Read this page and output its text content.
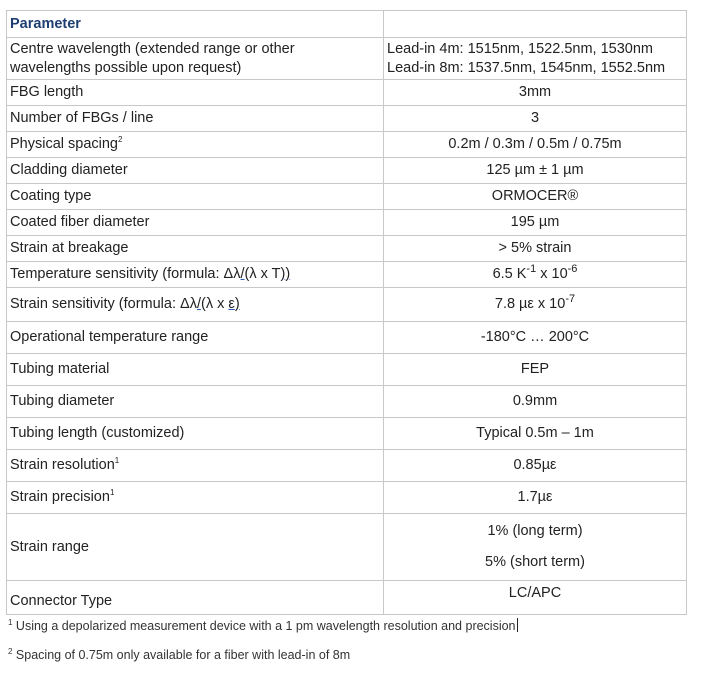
Parameter	

Centre wavelength (extended range or other
wavelengths possible upon request)	Lead-in 4m: 1515nm, 1522.5nm, 1530nm
Lead-in 8m: 1537.5nm, 1545nm, 1552.5nm

FBG length	3mm
Number of FBGs / line	3
Physical spacing$^2$	0.2m / 0.3m / 0.5m / 0.75m
Cladding diameter	125 µm ± 1 µm
Coating type	ORMOCER®
Coated fiber diameter	195 µm
Strain at breakage	> 5% strain
Temperature sensitivity (formula: Δλ/(λ x T))	6.5 $K^{-1}$ x $10^{-6}$
Strain sensitivity (formula: Δλ/(λ x ε)	7.8 µε x $10^{-7}$
Operational temperature range	-180°C … 200°C
Tubing material	FEP
Tubing diameter	0.9mm
Tubing length (customized)	Typical 0.5m – 1m
Strain resolution$^1$	0.85µε
Strain precision$^1$	1.7µε
Strain range	1% (long term)
5% (short term)

Connector Type	LC/APC
$^1$ Using a depolarized measurement device with a 1 pm wavelength resolution and precision
$^2$ Spacing of 0.75m only available for a fiber with lead-in of 8m
